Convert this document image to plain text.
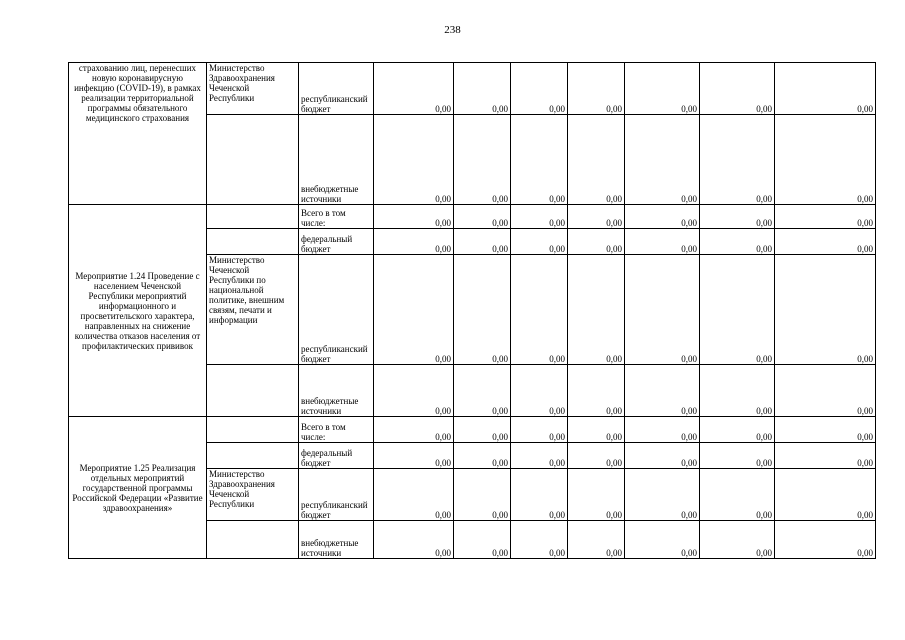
238
страхованию лиц, перенесших новую коронавирусную инфекцию (COVID-19), в рамках реализации территориальной программы обязательного медицинского страхования	Министерство Здравоохранения Чеченской Республики	республиканский бюджет	0,00	0,00	0,00	0,00	0,00	0,00	0,00
		внебюджетные источники	0,00	0,00	0,00	0,00	0,00	0,00	0,00
Мероприятие 1.24 Проведение с населением Чеченской Республики мероприятий информационного и просветительского характера, направленных на снижение количества отказов населения от профилактических прививок		Всего в том числе:	0,00	0,00	0,00	0,00	0,00	0,00	0,00
		федеральный бюджет	0,00	0,00	0,00	0,00	0,00	0,00	0,00
	Министерство Чеченской Республики по национальной политике, внешним связям, печати и информации	республиканский бюджет	0,00	0,00	0,00	0,00	0,00	0,00	0,00
		внебюджетные источники	0,00	0,00	0,00	0,00	0,00	0,00	0,00
Мероприятие 1.25 Реализация отдельных мероприятий государственной программы Российской Федерации «Развитие здравоохранения»		Всего в том числе:	0,00	0,00	0,00	0,00	0,00	0,00	0,00
		федеральный бюджет	0,00	0,00	0,00	0,00	0,00	0,00	0,00
	Министерство Здравоохранения Чеченской Республики	республиканский бюджет	0,00	0,00	0,00	0,00	0,00	0,00	0,00
		внебюджетные источники	0,00	0,00	0,00	0,00	0,00	0,00	0,00
